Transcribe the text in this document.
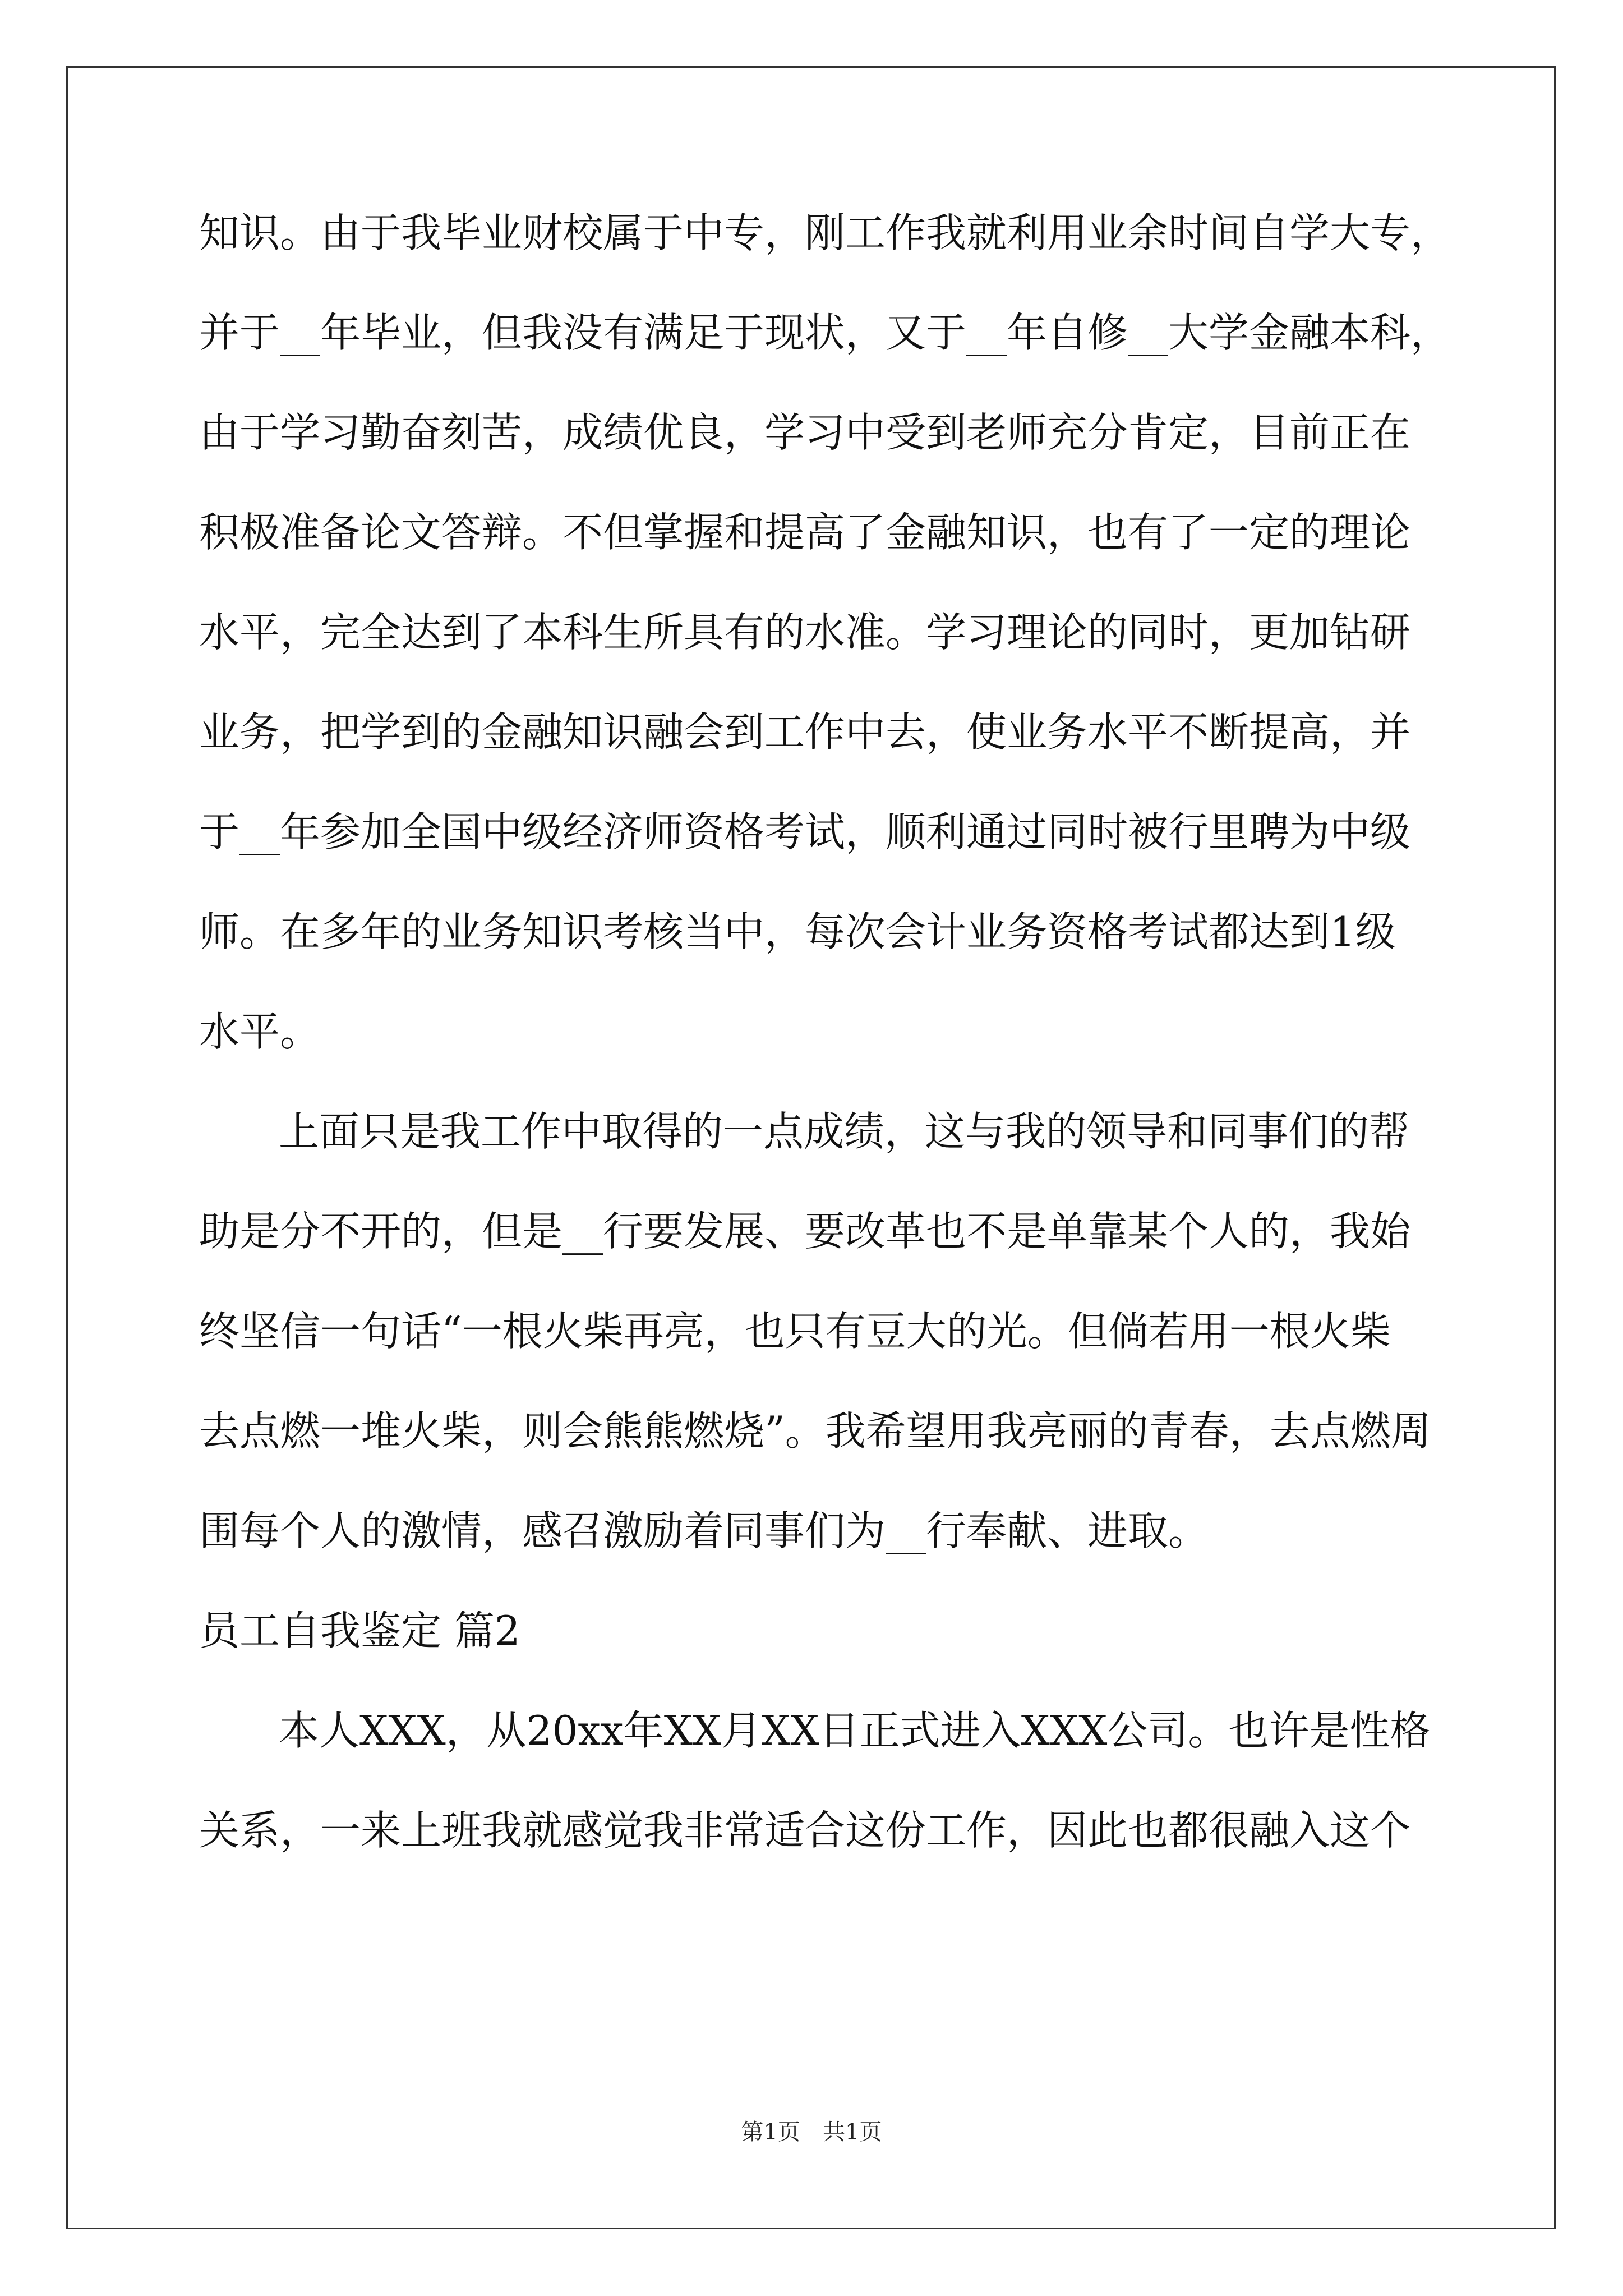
知识。由于我毕业财校属于中专，刚工作我就利用业余时间自学大专，
并于__年毕业，但我没有满足于现状，又于__年自修__大学金融本科，
由于学习勤奋刻苦，成绩优良，学习中受到老师充分肯定，目前正在
积极准备论文答辩。不但掌握和提高了金融知识，也有了一定的理论
水平，完全达到了本科生所具有的水准。学习理论的同时，更加钻研
业务，把学到的金融知识融会到工作中去，使业务水平不断提高，并
于__年参加全国中级经济师资格考试，顺利通过同时被行里聘为中级
师。在多年的业务知识考核当中，每次会计业务资格考试都达到1级
水平。
上面只是我工作中取得的一点成绩，这与我的领导和同事们的帮
助是分不开的，但是__行要发展、要改革也不是单靠某个人的，我始
终坚信一句话“一根火柴再亮，也只有豆大的光。但倘若用一根火柴
去点燃一堆火柴，则会熊熊燃烧”。我希望用我亮丽的青春，去点燃周
围每个人的激情，感召激励着同事们为__行奉献、进取。
员工自我鉴定 篇2
本人XXX，从20xx年XX月XX日正式进入XXX公司。也许是性格
关系，一来上班我就感觉我非常适合这份工作，因此也都很融入这个
第1页　共1页
